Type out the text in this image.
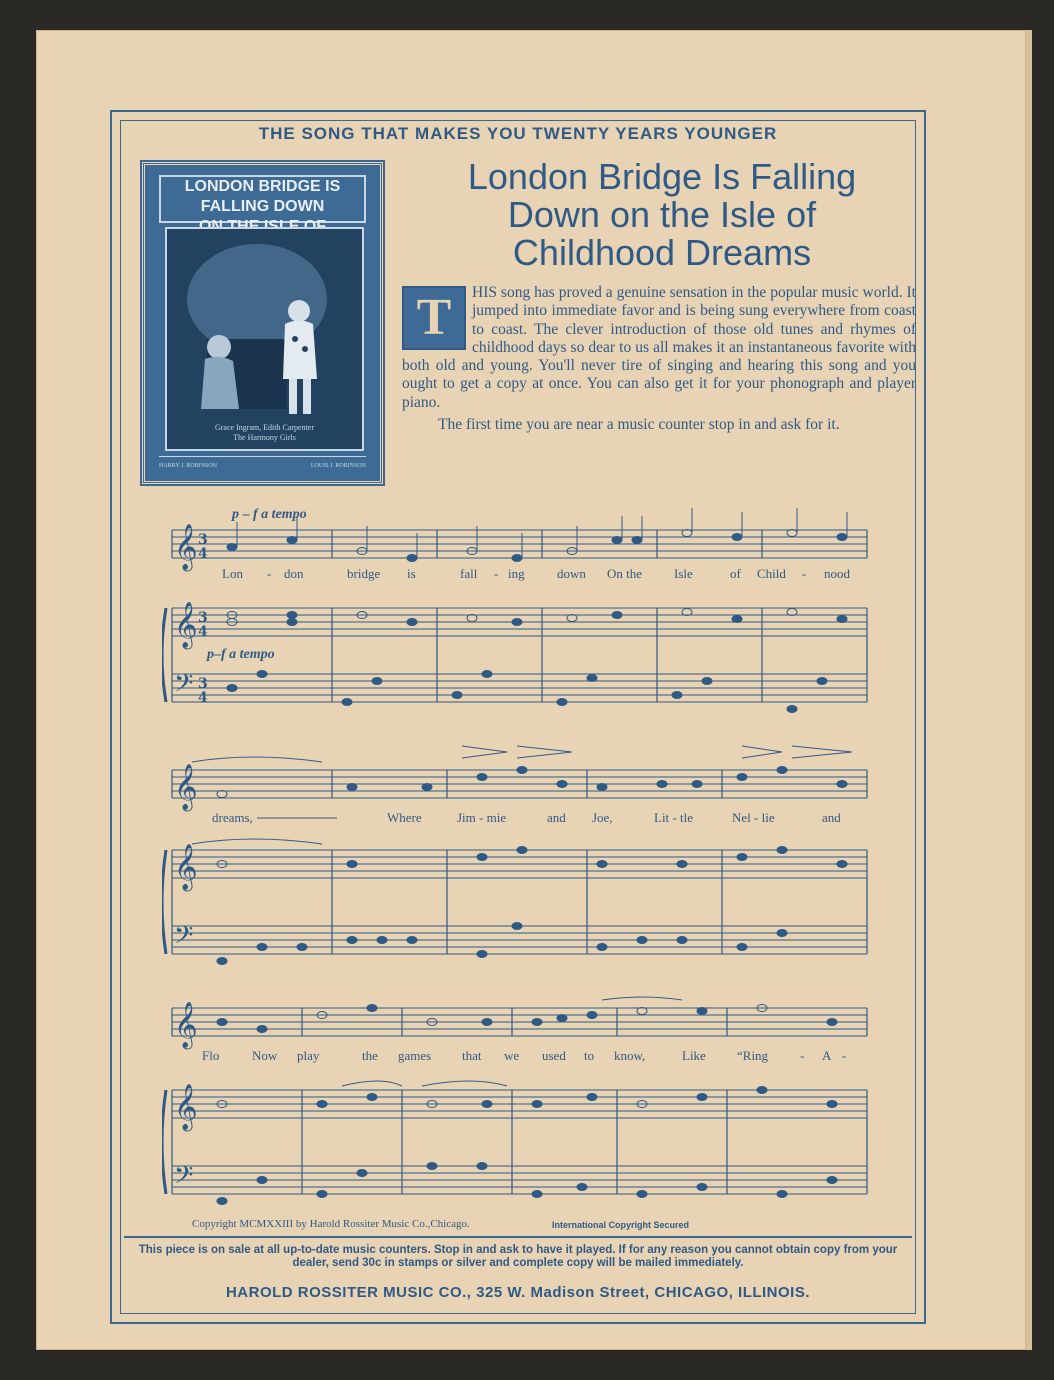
THE SONG THAT MAKES YOU TWENTY YEARS YOUNGER
LONDON BRIDGE IS FALLING DOWN
Grace Ingram, Edith Carpenter
The Harmony Girls
HARRY J. ROBINSON	LOUIS J. ROBINSON
London Bridge Is Falling
Down on the Isle of
Childhood Dreams
T	HIS song has proved a genuine sensation in the popular music world. It jumped into immediate favor and is being sung everywhere from coast to coast. The clever introduction of those old tunes and rhymes of childhood days so dear to us all makes it an instantaneous favorite with both old and young. You'll never tire of singing and hearing this song and you ought to get a copy at once. You can also get it for your phonograph and player piano.
The first time you are near a music counter stop in and ask for it.
𝄞
𝄞
𝄢
𝄞
𝄞
𝄢
𝄞
𝄞
𝄢
3
4
3
4
3
4
p – f a tempo
p–f a tempo
Lon - don	bridge is	fall - ing down On the Isle	of Child - nood
dreams,	Where	Jim - mie	and Joe,	Lit - tle	Nel - lie	and
Flo	Now play	the games that we used to know,	Like “Ring - A -
Copyright MCMXXIII by Harold Rossiter Music Co.,Chicago.	International Copyright Secured
This piece is on sale at all up-to-date music counters. Stop in and ask to have it played. If for any reason you cannot obtain copy from your dealer, send 30c in stamps or silver and complete copy will be mailed immediately.
HAROLD ROSSITER MUSIC CO., 325 W. Madison Street, CHICAGO, ILLINOIS.
